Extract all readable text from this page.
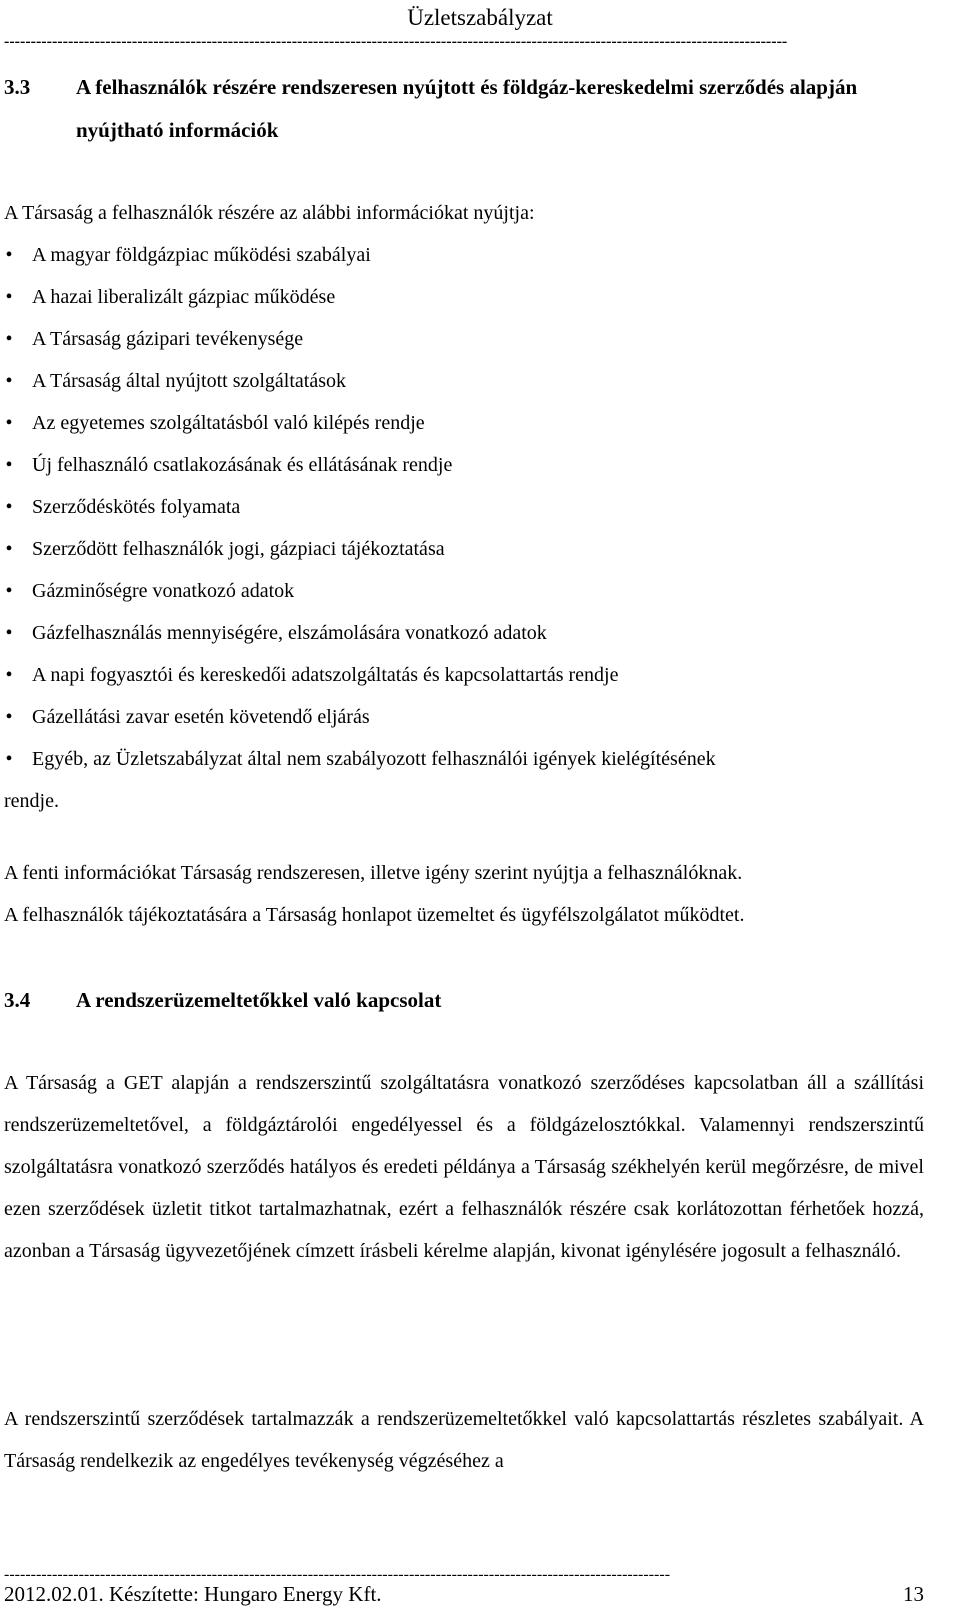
Üzletszabályzat
---------------------------------------------------------------------------------------------------------------------------------------------------
3.3 A felhasználók részére rendszeresen nyújtott és földgáz-kereskedelmi szerződés alapján nyújtható információk
A Társaság a felhasználók részére az alábbi információkat nyújtja:
• A magyar földgázpiac működési szabályai
• A hazai liberalizált gázpiac működése
• A Társaság gázipari tevékenysége
• A Társaság által nyújtott szolgáltatások
• Az egyetemes szolgáltatásból való kilépés rendje
• Új felhasználó csatlakozásának és ellátásának rendje
• Szerződéskötés folyamata
• Szerződött felhasználók jogi, gázpiaci tájékoztatása
• Gázminőségre vonatkozó adatok
• Gázfelhasználás mennyiségére, elszámolására vonatkozó adatok
• A napi fogyasztói és kereskedői adatszolgáltatás és kapcsolattartás rendje
• Gázellátási zavar esetén követendő eljárás
• Egyéb, az Üzletszabályzat által nem szabályozott felhasználói igények kielégítésének
rendje.
A fenti információkat Társaság rendszeresen, illetve igény szerint nyújtja a felhasználóknak.
A felhasználók tájékoztatására a Társaság honlapot üzemeltet és ügyfélszolgálatot működtet.
3.4 A rendszerüzemeltetőkkel való kapcsolat
A Társaság a GET alapján a rendszerszintű szolgáltatásra vonatkozó szerződéses kapcsolatban áll a szállítási rendszerüzemeltetővel, a földgáztárolói engedélyessel és a földgázelosztókkal. Valamennyi rendszerszintű szolgáltatásra vonatkozó szerződés hatályos és eredeti példánya a Társaság székhelyén kerül megőrzésre, de mivel ezen szerződések üzletit titkot tartalmazhatnak, ezért a felhasználók részére csak korlátozottan férhetőek hozzá, azonban a Társaság ügyvezetőjének címzett írásbeli kérelme alapján, kivonat igénylésére jogosult a felhasználó.
A rendszerszintű szerződések tartalmazzák a rendszerüzemeltetőkkel való kapcsolattartás részletes szabályait. A Társaság rendelkezik az engedélyes tevékenység végzéséhez a
-----------------------------------------------------------------------------------------------------------------------------
2012.02.01. Készítette: Hungaro Energy Kft.	13
